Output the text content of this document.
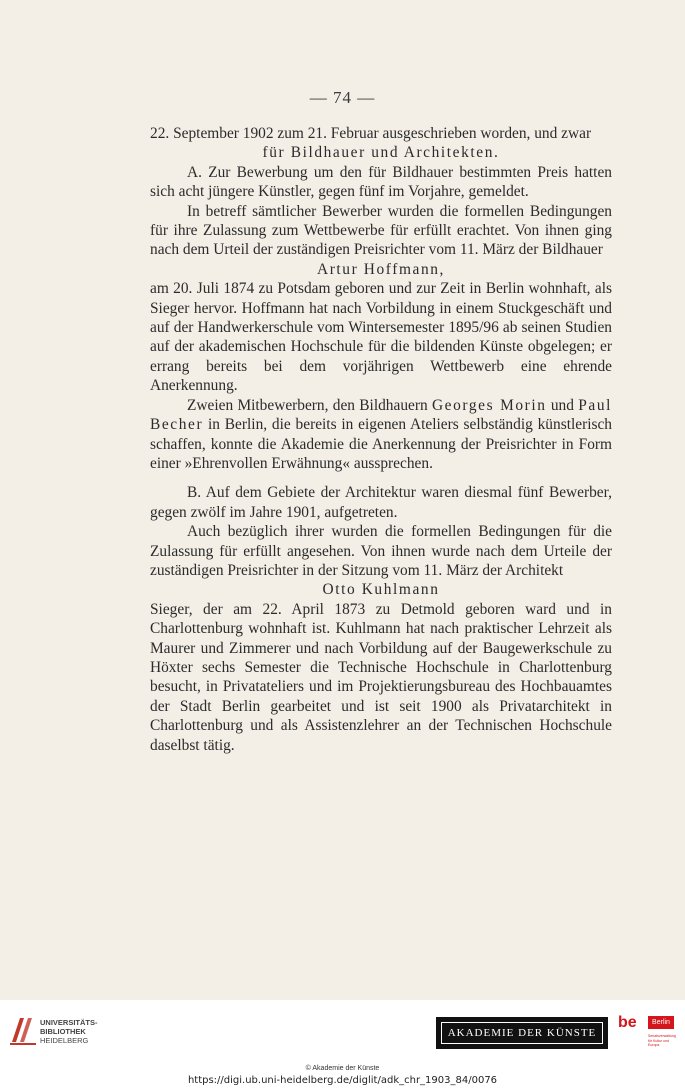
— 74 —

22. September 1902 zum 21. Februar ausgeschrieben worden, und zwar

für Bildhauer und Architekten.

A. Zur Bewerbung um den für Bildhauer bestimmten Preis hatten sich acht jüngere Künstler, gegen fünf im Vorjahre, gemeldet.

In betreff sämtlicher Bewerber wurden die formellen Bedingungen für ihre Zulassung zum Wettbewerbe für erfüllt erachtet. Von ihnen ging nach dem Urteil der zuständigen Preisrichter vom 11. März der Bildhauer

Artur Hoffmann,

am 20. Juli 1874 zu Potsdam geboren und zur Zeit in Berlin wohnhaft, als Sieger hervor. Hoffmann hat nach Vorbildung in einem Stuckgeschäft und auf der Handwerkerschule vom Wintersemester 1895/96 ab seinen Studien auf der akademischen Hochschule für die bildenden Künste obgelegen; er errang bereits bei dem vorjährigen Wettbewerb eine ehrende Anerkennung.

Zweien Mitbewerbern, den Bildhauern Georges Morin und Paul Becher in Berlin, die bereits in eigenen Ateliers selbständig künstlerisch schaffen, konnte die Akademie die Anerkennung der Preisrichter in Form einer »Ehrenvollen Erwähnung« aussprechen.

B. Auf dem Gebiete der Architektur waren diesmal fünf Bewerber, gegen zwölf im Jahre 1901, aufgetreten.

Auch bezüglich ihrer wurden die formellen Bedingungen für die Zulassung für erfüllt angesehen. Von ihnen wurde nach dem Urteile der zuständigen Preisrichter in der Sitzung vom 11. März der Architekt

Otto Kuhlmann

Sieger, der am 22. April 1873 zu Detmold geboren ward und in Charlottenburg wohnhaft ist. Kuhlmann hat nach praktischer Lehrzeit als Maurer und Zimmerer und nach Vorbildung auf der Baugewerkschule zu Höxter sechs Semester die Technische Hochschule in Charlottenburg besucht, in Privatateliers und im Projektierungsbureau des Hochbauamtes der Stadt Berlin gearbeitet und ist seit 1900 als Privatarchitekt in Charlottenburg und als Assistenzlehrer an der Technischen Hochschule daselbst tätig.

UNIVERSITÄTS-
BIBLIOTHEK
HEIDELBERG
AKADEMIE DER KÜNSTE
be	Berlin
Senatsverwaltung für Kultur und Europa
© Akademie der Künste
https://digi.ub.uni-heidelberg.de/diglit/adk_chr_1903_84/0076
